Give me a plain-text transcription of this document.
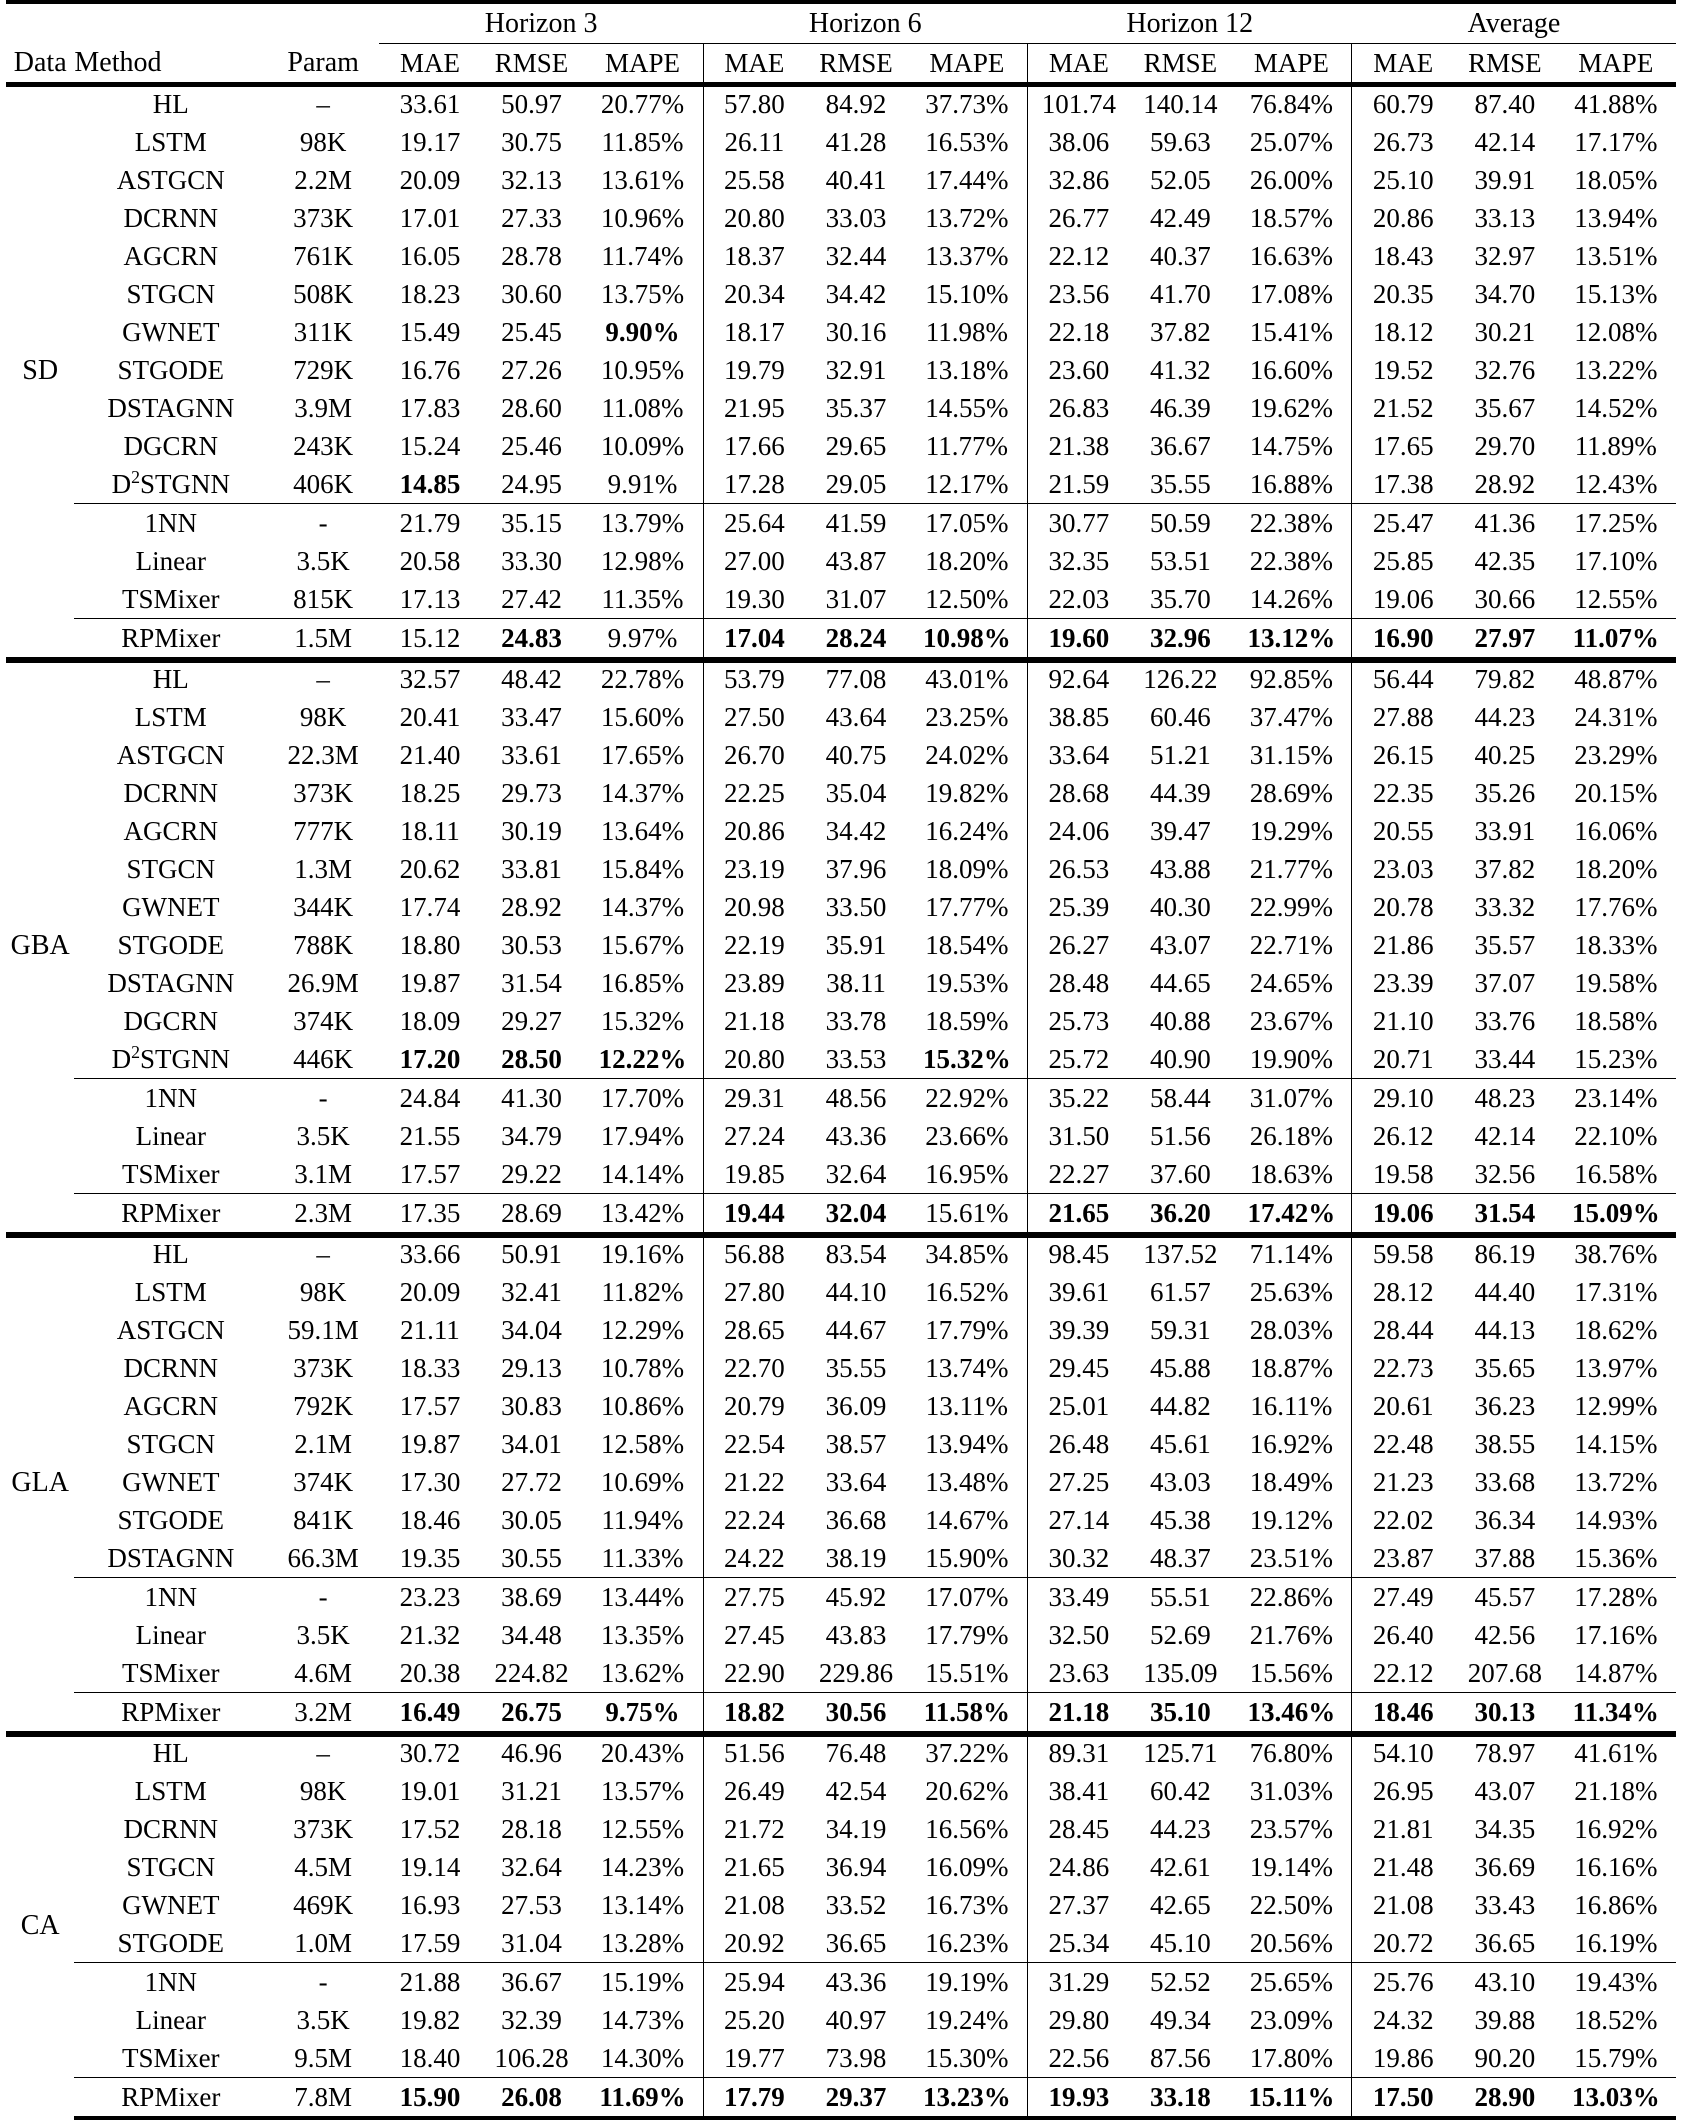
Data	Method	Param	Horizon 3			Horizon 6			Horizon 12			Average		
			MAE	RMSE	MAPE	MAE	RMSE	MAPE	MAE	RMSE	MAPE	MAE	RMSE	MAPE
SD	HL	–	33.61	50.97	20.77%	57.80	84.92	37.73%	101.74	140.14	76.84%	60.79	87.40	41.88%
	LSTM	98K	19.17	30.75	11.85%	26.11	41.28	16.53%	38.06	59.63	25.07%	26.73	42.14	17.17%
	ASTGCN	2.2M	20.09	32.13	13.61%	25.58	40.41	17.44%	32.86	52.05	26.00%	25.10	39.91	18.05%
	DCRNN	373K	17.01	27.33	10.96%	20.80	33.03	13.72%	26.77	42.49	18.57%	20.86	33.13	13.94%
	AGCRN	761K	16.05	28.78	11.74%	18.37	32.44	13.37%	22.12	40.37	16.63%	18.43	32.97	13.51%
	STGCN	508K	18.23	30.60	13.75%	20.34	34.42	15.10%	23.56	41.70	17.08%	20.35	34.70	15.13%
	GWNET	311K	15.49	25.45	9.90%	18.17	30.16	11.98%	22.18	37.82	15.41%	18.12	30.21	12.08%
	STGODE	729K	16.76	27.26	10.95%	19.79	32.91	13.18%	23.60	41.32	16.60%	19.52	32.76	13.22%
	DSTAGNN	3.9M	17.83	28.60	11.08%	21.95	35.37	14.55%	26.83	46.39	19.62%	21.52	35.67	14.52%
	DGCRN	243K	15.24	25.46	10.09%	17.66	29.65	11.77%	21.38	36.67	14.75%	17.65	29.70	11.89%
	$D^2STGNN$	406K	14.85	24.95	9.91%	17.28	29.05	12.17%	21.59	35.55	16.88%	17.38	28.92	12.43%
	1NN	-	21.79	35.15	13.79%	25.64	41.59	17.05%	30.77	50.59	22.38%	25.47	41.36	17.25%
	Linear	3.5K	20.58	33.30	12.98%	27.00	43.87	18.20%	32.35	53.51	22.38%	25.85	42.35	17.10%
	TSMixer	815K	17.13	27.42	11.35%	19.30	31.07	12.50%	22.03	35.70	14.26%	19.06	30.66	12.55%
	RPMixer	1.5M	15.12	24.83	9.97%	17.04	28.24	10.98%	19.60	32.96	13.12%	16.90	27.97	11.07%
GBA	HL	–	32.57	48.42	22.78%	53.79	77.08	43.01%	92.64	126.22	92.85%	56.44	79.82	48.87%
	LSTM	98K	20.41	33.47	15.60%	27.50	43.64	23.25%	38.85	60.46	37.47%	27.88	44.23	24.31%
	ASTGCN	22.3M	21.40	33.61	17.65%	26.70	40.75	24.02%	33.64	51.21	31.15%	26.15	40.25	23.29%
	DCRNN	373K	18.25	29.73	14.37%	22.25	35.04	19.82%	28.68	44.39	28.69%	22.35	35.26	20.15%
	AGCRN	777K	18.11	30.19	13.64%	20.86	34.42	16.24%	24.06	39.47	19.29%	20.55	33.91	16.06%
	STGCN	1.3M	20.62	33.81	15.84%	23.19	37.96	18.09%	26.53	43.88	21.77%	23.03	37.82	18.20%
	GWNET	344K	17.74	28.92	14.37%	20.98	33.50	17.77%	25.39	40.30	22.99%	20.78	33.32	17.76%
	STGODE	788K	18.80	30.53	15.67%	22.19	35.91	18.54%	26.27	43.07	22.71%	21.86	35.57	18.33%
	DSTAGNN	26.9M	19.87	31.54	16.85%	23.89	38.11	19.53%	28.48	44.65	24.65%	23.39	37.07	19.58%
	DGCRN	374K	18.09	29.27	15.32%	21.18	33.78	18.59%	25.73	40.88	23.67%	21.10	33.76	18.58%
	$D^2STGNN$	446K	17.20	28.50	12.22%	20.80	33.53	15.32%	25.72	40.90	19.90%	20.71	33.44	15.23%
	1NN	-	24.84	41.30	17.70%	29.31	48.56	22.92%	35.22	58.44	31.07%	29.10	48.23	23.14%
	Linear	3.5K	21.55	34.79	17.94%	27.24	43.36	23.66%	31.50	51.56	26.18%	26.12	42.14	22.10%
	TSMixer	3.1M	17.57	29.22	14.14%	19.85	32.64	16.95%	22.27	37.60	18.63%	19.58	32.56	16.58%
	RPMixer	2.3M	17.35	28.69	13.42%	19.44	32.04	15.61%	21.65	36.20	17.42%	19.06	31.54	15.09%
GLA	HL	–	33.66	50.91	19.16%	56.88	83.54	34.85%	98.45	137.52	71.14%	59.58	86.19	38.76%
	LSTM	98K	20.09	32.41	11.82%	27.80	44.10	16.52%	39.61	61.57	25.63%	28.12	44.40	17.31%
	ASTGCN	59.1M	21.11	34.04	12.29%	28.65	44.67	17.79%	39.39	59.31	28.03%	28.44	44.13	18.62%
	DCRNN	373K	18.33	29.13	10.78%	22.70	35.55	13.74%	29.45	45.88	18.87%	22.73	35.65	13.97%
	AGCRN	792K	17.57	30.83	10.86%	20.79	36.09	13.11%	25.01	44.82	16.11%	20.61	36.23	12.99%
	STGCN	2.1M	19.87	34.01	12.58%	22.54	38.57	13.94%	26.48	45.61	16.92%	22.48	38.55	14.15%
	GWNET	374K	17.30	27.72	10.69%	21.22	33.64	13.48%	27.25	43.03	18.49%	21.23	33.68	13.72%
	STGODE	841K	18.46	30.05	11.94%	22.24	36.68	14.67%	27.14	45.38	19.12%	22.02	36.34	14.93%
	DSTAGNN	66.3M	19.35	30.55	11.33%	24.22	38.19	15.90%	30.32	48.37	23.51%	23.87	37.88	15.36%
	1NN	-	23.23	38.69	13.44%	27.75	45.92	17.07%	33.49	55.51	22.86%	27.49	45.57	17.28%
	Linear	3.5K	21.32	34.48	13.35%	27.45	43.83	17.79%	32.50	52.69	21.76%	26.40	42.56	17.16%
	TSMixer	4.6M	20.38	224.82	13.62%	22.90	229.86	15.51%	23.63	135.09	15.56%	22.12	207.68	14.87%
	RPMixer	3.2M	16.49	26.75	9.75%	18.82	30.56	11.58%	21.18	35.10	13.46%	18.46	30.13	11.34%
CA	HL	–	30.72	46.96	20.43%	51.56	76.48	37.22%	89.31	125.71	76.80%	54.10	78.97	41.61%
	LSTM	98K	19.01	31.21	13.57%	26.49	42.54	20.62%	38.41	60.42	31.03%	26.95	43.07	21.18%
	DCRNN	373K	17.52	28.18	12.55%	21.72	34.19	16.56%	28.45	44.23	23.57%	21.81	34.35	16.92%
	STGCN	4.5M	19.14	32.64	14.23%	21.65	36.94	16.09%	24.86	42.61	19.14%	21.48	36.69	16.16%
	GWNET	469K	16.93	27.53	13.14%	21.08	33.52	16.73%	27.37	42.65	22.50%	21.08	33.43	16.86%
	STGODE	1.0M	17.59	31.04	13.28%	20.92	36.65	16.23%	25.34	45.10	20.56%	20.72	36.65	16.19%
	1NN	-	21.88	36.67	15.19%	25.94	43.36	19.19%	31.29	52.52	25.65%	25.76	43.10	19.43%
	Linear	3.5K	19.82	32.39	14.73%	25.20	40.97	19.24%	29.80	49.34	23.09%	24.32	39.88	18.52%
	TSMixer	9.5M	18.40	106.28	14.30%	19.77	73.98	15.30%	22.56	87.56	17.80%	19.86	90.20	15.79%
	RPMixer	7.8M	15.90	26.08	11.69%	17.79	29.37	13.23%	19.93	33.18	15.11%	17.50	28.90	13.03%
